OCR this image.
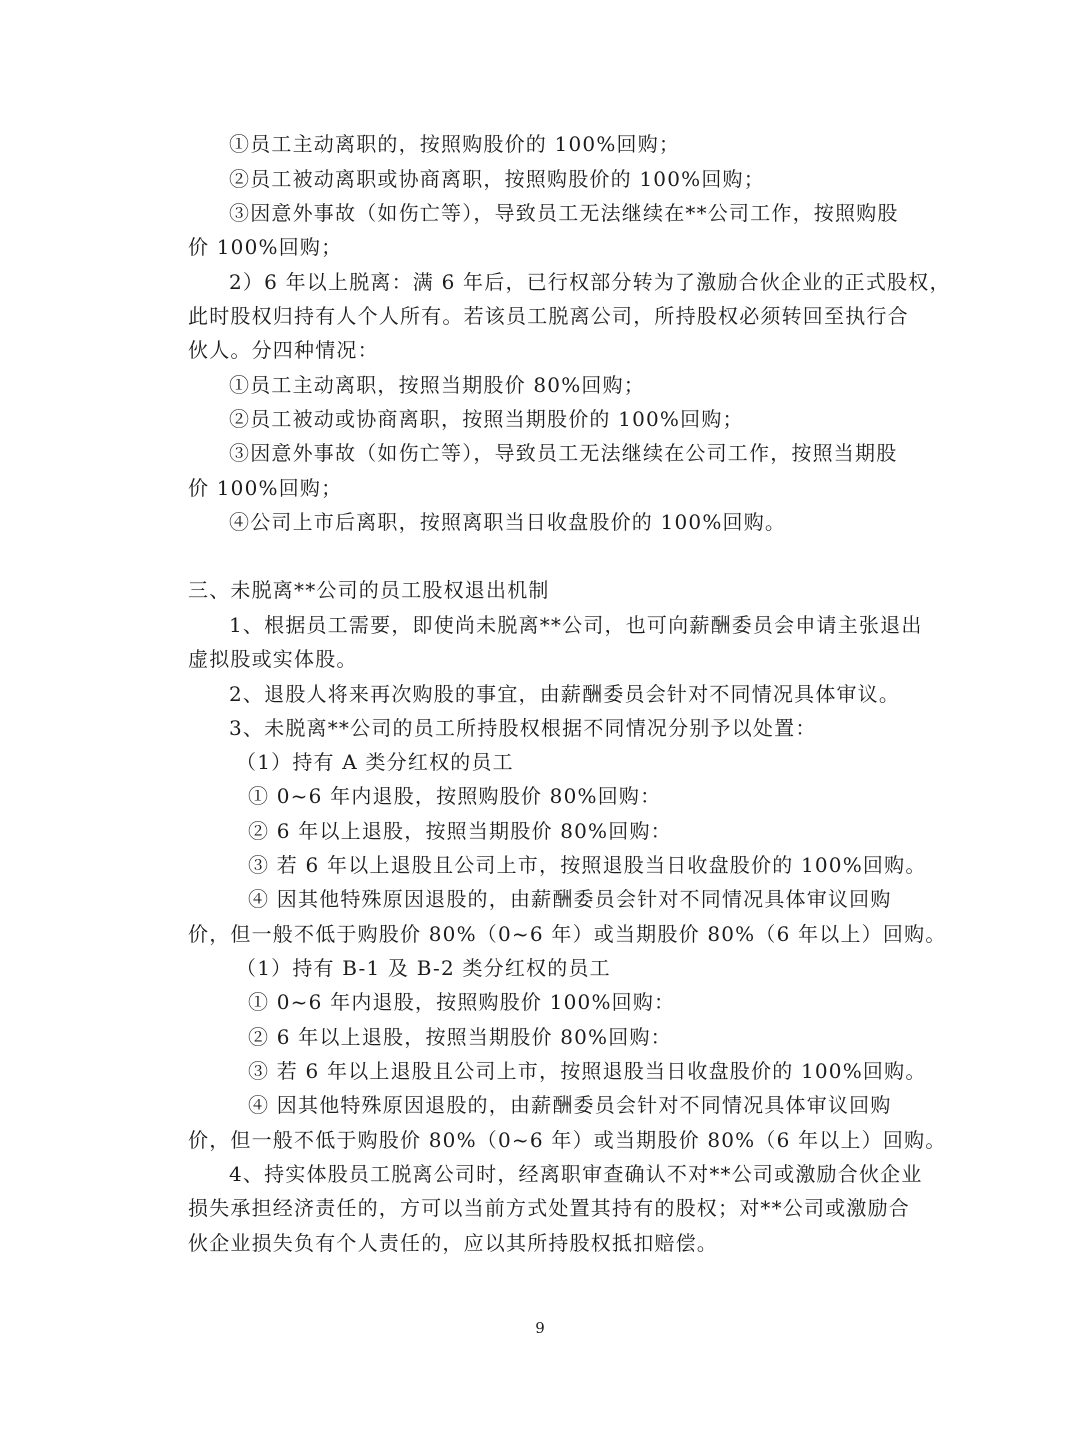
①员工主动离职的，按照购股价的 100%回购；
②员工被动离职或协商离职，按照购股价的 100%回购；
③因意外事故（如伤亡等），导致员工无法继续在**公司工作，按照购股
价 100%回购；
2）6 年以上脱离：满 6 年后，已行权部分转为了激励合伙企业的正式股权，
此时股权归持有人个人所有。若该员工脱离公司，所持股权必须转回至执行合
伙人。分四种情况：
①员工主动离职，按照当期股价 80%回购；
②员工被动或协商离职，按照当期股价的 100%回购；
③因意外事故（如伤亡等），导致员工无法继续在公司工作，按照当期股
价 100%回购；
④公司上市后离职，按照离职当日收盘股价的 100%回购。
三、未脱离**公司的员工股权退出机制
1、根据员工需要，即使尚未脱离**公司，也可向薪酬委员会申请主张退出
虚拟股或实体股。
2、退股人将来再次购股的事宜，由薪酬委员会针对不同情况具体审议。
3、未脱离**公司的员工所持股权根据不同情况分别予以处置：
（1）持有 A 类分红权的员工
① 0~6 年内退股，按照购股价 80%回购：
② 6 年以上退股，按照当期股价 80%回购：
③ 若 6 年以上退股且公司上市，按照退股当日收盘股价的 100%回购。
④ 因其他特殊原因退股的，由薪酬委员会针对不同情况具体审议回购
价，但一般不低于购股价 80%（0~6 年）或当期股价 80%（6 年以上）回购。
（1）持有 B-1 及 B-2 类分红权的员工
① 0~6 年内退股，按照购股价 100%回购：
② 6 年以上退股，按照当期股价 80%回购：
③ 若 6 年以上退股且公司上市，按照退股当日收盘股价的 100%回购。
④ 因其他特殊原因退股的，由薪酬委员会针对不同情况具体审议回购
价，但一般不低于购股价 80%（0~6 年）或当期股价 80%（6 年以上）回购。
4、持实体股员工脱离公司时，经离职审查确认不对**公司或激励合伙企业
损失承担经济责任的，方可以当前方式处置其持有的股权；对**公司或激励合
伙企业损失负有个人责任的，应以其所持股权抵扣赔偿。
9
